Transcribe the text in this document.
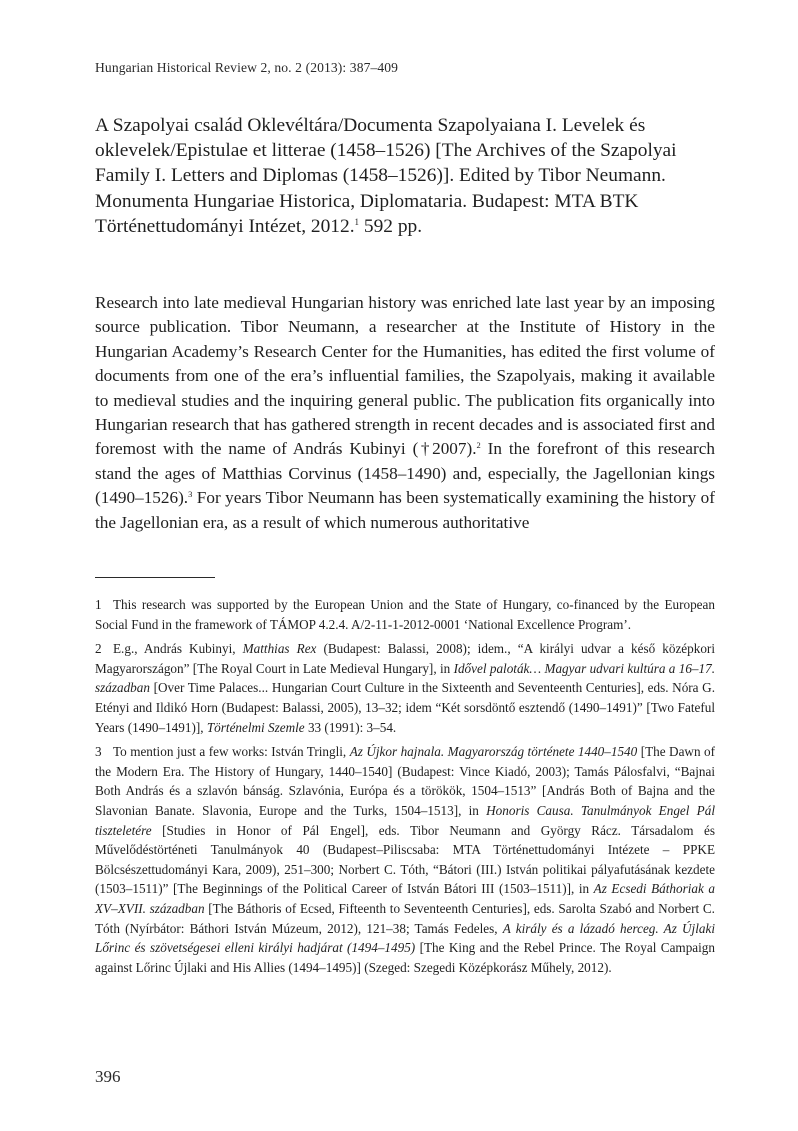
Hungarian Historical Review 2, no. 2 (2013): 387–409
A Szapolyai család Oklevéltára/Documenta Szapolyaiana I. Levelek és oklevelek/Epistulae et litterae (1458–1526) [The Archives of the Szapolyai Family I. Letters and Diplomas (1458–1526)]. Edited by Tibor Neumann. Monumenta Hungariae Historica, Diplomataria. Budapest: MTA BTK Történettudományi Intézet, 2012.$^1$ 592 pp.

Research into late medieval Hungarian history was enriched late last year by an imposing source publication. Tibor Neumann, a researcher at the Institute of History in the Hungarian Academy’s Research Center for the Humanities, has edited the first volume of documents from one of the era’s influential families, the Szapolyais, making it available to medieval studies and the inquiring general public. The publication fits organically into Hungarian research that has gathered strength in recent decades and is associated first and foremost with the name of András Kubinyi (†2007).$^2$ In the forefront of this research stand the ages of Matthias Corvinus (1458–1490) and, especially, the Jagellonian kings (1490–1526).$^3$ For years Tibor Neumann has been systematically examining the history of the Jagellonian era, as a result of which numerous authoritative

1 This research was supported by the European Union and the State of Hungary, co-financed by the European Social Fund in the framework of TÁMOP 4.2.4. A/2-11-1-2012-0001 ‘National Excellence Program’.

2 E.g., András Kubinyi, Matthias Rex (Budapest: Balassi, 2008); idem., “A királyi udvar a késő középkori Magyarországon” [The Royal Court in Late Medieval Hungary], in Idővel paloták… Magyar udvari kultúra a 16–17. században [Over Time Palaces... Hungarian Court Culture in the Sixteenth and Seventeenth Centuries], eds. Nóra G. Etényi and Ildikó Horn (Budapest: Balassi, 2005), 13–32; idem “Két sorsdöntő esztendő (1490–1491)” [Two Fateful Years (1490–1491)], Történelmi Szemle 33 (1991): 3–54.

3 To mention just a few works: István Tringli, Az Újkor hajnala. Magyarország története 1440–1540 [The Dawn of the Modern Era. The History of Hungary, 1440–1540] (Budapest: Vince Kiadó, 2003); Tamás Pálosfalvi, “Bajnai Both András és a szlavón bánság. Szlavónia, Európa és a törökök, 1504–1513” [András Both of Bajna and the Slavonian Banate. Slavonia, Europe and the Turks, 1504–1513], in Honoris Causa. Tanulmányok Engel Pál tiszteletére [Studies in Honor of Pál Engel], eds. Tibor Neumann and György Rácz. Társadalom és Művelődéstörténeti Tanulmányok 40 (Budapest–Piliscsaba: MTA Történettudományi Intézete – PPKE Bölcsészettudományi Kara, 2009), 251–300; Norbert C. Tóth, “Bátori (III.) István politikai pályafutásának kezdete (1503–1511)” [The Beginnings of the Political Career of István Bátori III (1503–1511)], in Az Ecsedi Báthoriak a XV–XVII. században [The Báthoris of Ecsed, Fifteenth to Seventeenth Centuries], eds. Sarolta Szabó and Norbert C. Tóth (Nyírbátor: Báthori István Múzeum, 2012), 121–38; Tamás Fedeles, A király és a lázadó herceg. Az Újlaki Lőrinc és szövetségesei elleni királyi hadjárat (1494–1495) [The King and the Rebel Prince. The Royal Campaign against Lőrinc Újlaki and His Allies (1494–1495)] (Szeged: Szegedi Középkorász Műhely, 2012).

396
